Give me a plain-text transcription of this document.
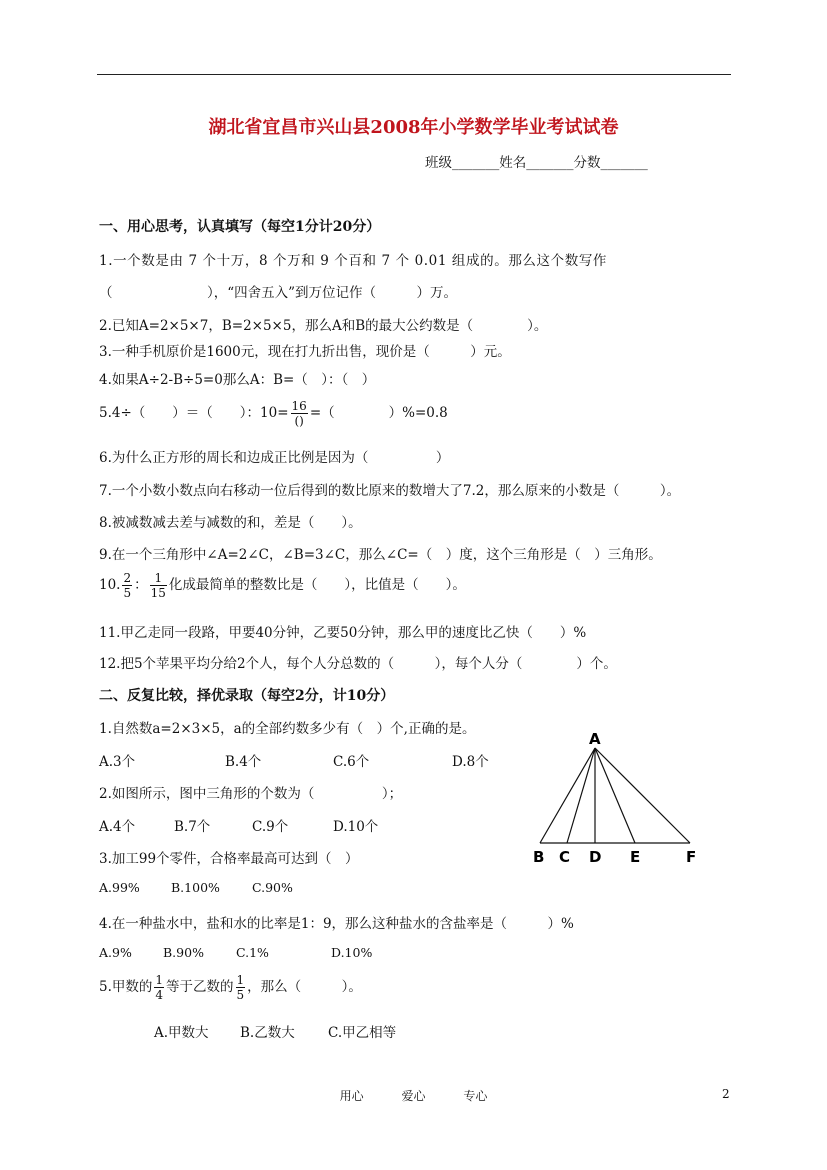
湖北省宜昌市兴山县2008年小学数学毕业考试试卷
班级_______姓名_______分数_______
一、用心思考，认真填写（每空1分计20分）
1.一个数是由 7 个十万，8 个万和 9 个百和 7 个 0.01 组成的。那么这个数写作
（　　　　　　　），“四舍五入”到万位记作（　　　）万。
2.已知A=2×5×7，B=2×5×5，那么A和B的最大公约数是（　　　　）。
3.一种手机原价是1600元，现在打九折出售，现价是（　　　）元。
4.如果A÷2-B÷5=0那么A：B=（　）：（　）
5.4÷（　　）＝（　　）：$10= \frac{16}{()}$ =（　　　　）%=0.8
6.为什么正方形的周长和边成正比例是因为（　　　　　）
7.一个小数小数点向右移动一位后得到的数比原来的数增大了7.2，那么原来的小数是（　　　）。
8.被减数减去差与减数的和，差是（　　）。
9.在一个三角形中∠A=2∠C，∠B=3∠C，那么∠C=（　）度，这个三角形是（　）三角形。
10. $\frac{2}{5}$ ： $\frac{1}{15}$ 化成最简单的整数比是（　　），比值是（　　）。
11.甲乙走同一段路，甲要40分钟，乙要50分钟，那么甲的速度比乙快（　　）%
12.把5个苹果平均分给2个人，每个人分总数的（　　　），每个人分（　　　　）个。
二、反复比较，择优录取（每空2分，计10分）
1.自然数a=2×3×5，a的全部约数多少有（　）个,正确的是。
A.3个	B.4个	C.6个	D.8个
2.如图所示，图中三角形的个数为（　　　　　）；
A.4个	B.7个	C.9个	D.10个
3.加工99个零件，合格率最高可达到（　）
A.99% B.100%	C.90%
4.在一种盐水中，盐和水的比率是1：9，那么这种盐水的含盐率是（　　　）%
A.9% B.90%	C.1%	D.10%
5.甲数的 $\frac{1}{4}$ 等于乙数的 $\frac{1}{5}$ ，那么（　　　）。
A.甲数大 B.乙数大 C.甲乙相等
A
B C D E	F
用心	爱心	专心	2
